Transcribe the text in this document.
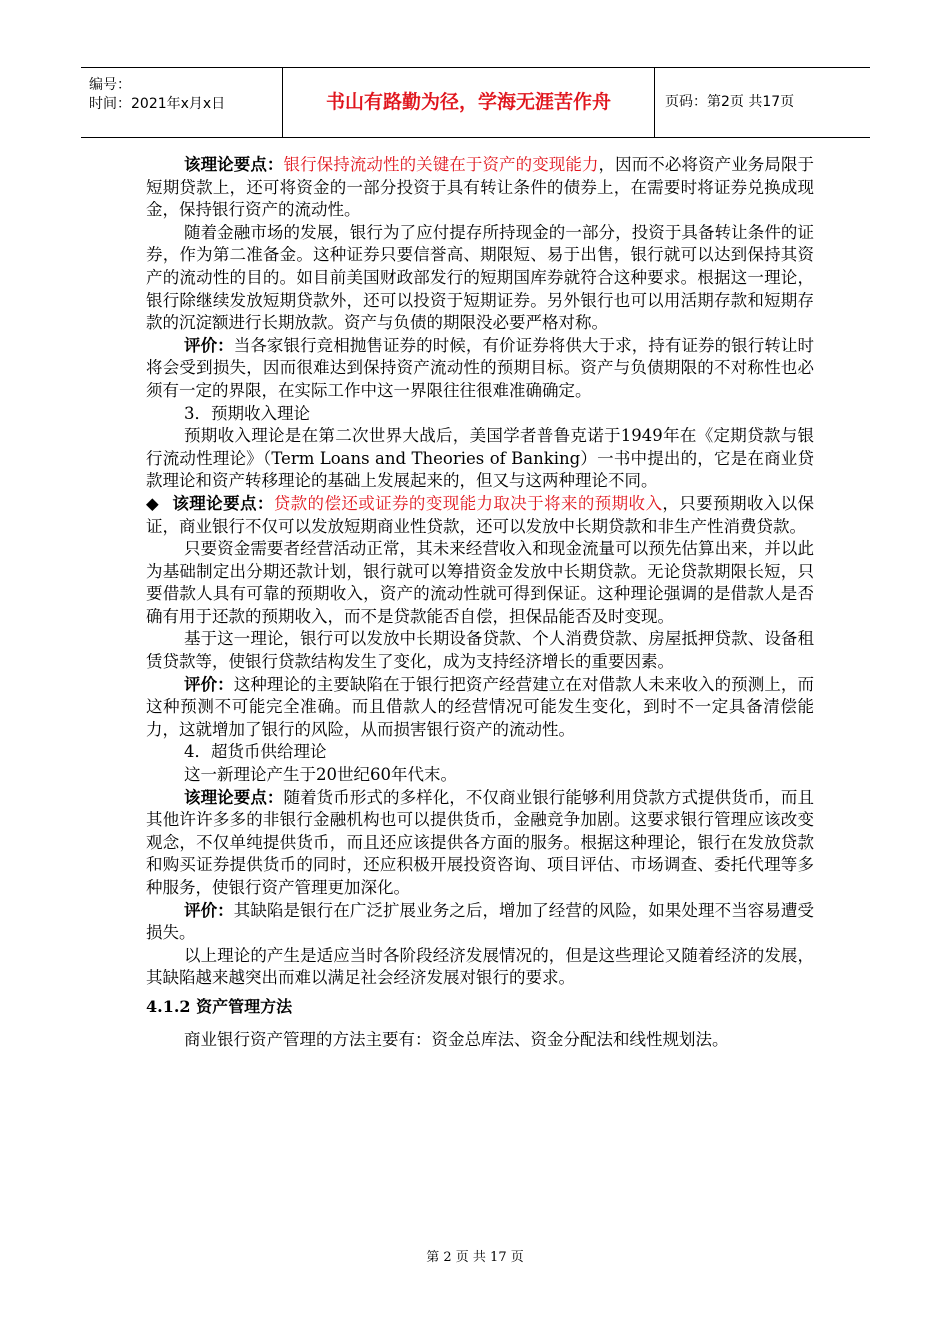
编号：
时间：2021年x月x日	书山有路勤为径，学海无涯苦作舟	页码：第2页 共17页

该理论要点：银行保持流动性的关键在于资产的变现能力，因而不必将资产业务局限于短期贷款上，还可将资金的一部分投资于具有转让条件的债券上，在需要时将证券兑换成现金，保持银行资产的流动性。

随着金融市场的发展，银行为了应付提存所持现金的一部分，投资于具备转让条件的证券，作为第二准备金。这种证券只要信誉高、期限短、易于出售，银行就可以达到保持其资产的流动性的目的。如目前美国财政部发行的短期国库券就符合这种要求。根据这一理论，银行除继续发放短期贷款外，还可以投资于短期证券。另外银行也可以用活期存款和短期存款的沉淀额进行长期放款。资产与负债的期限没必要严格对称。

评价：当各家银行竞相抛售证券的时候，有价证券将供大于求，持有证券的银行转让时将会受到损失，因而很难达到保持资产流动性的预期目标。资产与负债期限的不对称性也必须有一定的界限，在实际工作中这一界限往往很难准确确定。

3．预期收入理论

预期收入理论是在第二次世界大战后，美国学者普鲁克诺于1949年在《定期贷款与银行流动性理论》（Term Loans and Theories of Banking）一书中提出的，它是在商业贷款理论和资产转移理论的基础上发展起来的，但又与这两种理论不同。

◆ 该理论要点：贷款的偿还或证券的变现能力取决于将来的预期收入，只要预期收入以保证，商业银行不仅可以发放短期商业性贷款，还可以发放中长期贷款和非生产性消费贷款。

只要资金需要者经营活动正常，其未来经营收入和现金流量可以预先估算出来，并以此为基础制定出分期还款计划，银行就可以筹措资金发放中长期贷款。无论贷款期限长短，只要借款人具有可靠的预期收入，资产的流动性就可得到保证。这种理论强调的是借款人是否确有用于还款的预期收入，而不是贷款能否自偿，担保品能否及时变现。

基于这一理论，银行可以发放中长期设备贷款、个人消费贷款、房屋抵押贷款、设备租赁贷款等，使银行贷款结构发生了变化，成为支持经济增长的重要因素。

评价：这种理论的主要缺陷在于银行把资产经营建立在对借款人未来收入的预测上，而这种预测不可能完全准确。而且借款人的经营情况可能发生变化，到时不一定具备清偿能力，这就增加了银行的风险，从而损害银行资产的流动性。

4．超货币供给理论

这一新理论产生于20世纪60年代末。

该理论要点：随着货币形式的多样化，不仅商业银行能够利用贷款方式提供货币，而且其他许许多多的非银行金融机构也可以提供货币，金融竞争加剧。这要求银行管理应该改变观念，不仅单纯提供货币，而且还应该提供各方面的服务。根据这种理论，银行在发放贷款和购买证券提供货币的同时，还应积极开展投资咨询、项目评估、市场调查、委托代理等多种服务，使银行资产管理更加深化。

评价：其缺陷是银行在广泛扩展业务之后，增加了经营的风险，如果处理不当容易遭受损失。

以上理论的产生是适应当时各阶段经济发展情况的，但是这些理论又随着经济的发展，其缺陷越来越突出而难以满足社会经济发展对银行的要求。

4.1.2 资产管理方法

商业银行资产管理的方法主要有：资金总库法、资金分配法和线性规划法。

第 2 页 共 17 页
